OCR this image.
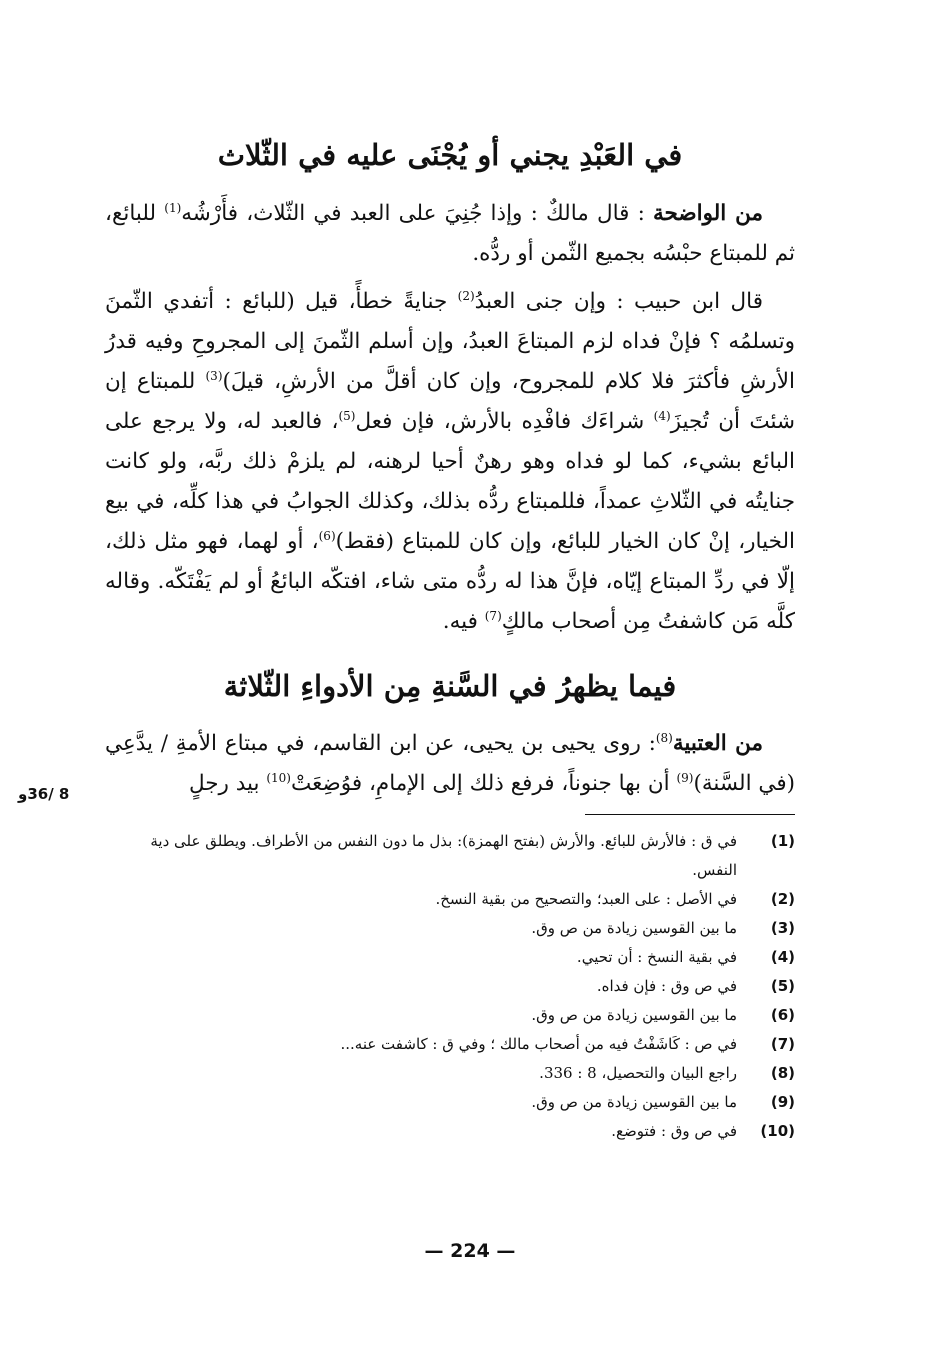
في العَبْدِ يجني أو يُجْنَى عليه في الثّلاث

من الواضحة : قال مالكٌ : وإذا جُنِيَ على العبد في الثّلاث، فأَرْشُه$^{(1)}$ للبائع، ثم للمبتاع حبْسُه بجميع الثّمن أو ردُّه.

قال ابن حبيب : وإن جنى العبدُ$^{(2)}$ جنايةً خطأً، قيل (للبائع : أتفدي الثّمنَ وتسلمُه ؟ فإنْ فداه لزم المبتاعَ العبدُ، وإن أسلم الثّمنَ إلى المجروحِ وفيه قدرُ الأرشِ فأكثرَ فلا كلام للمجروح، وإن كان أقلَّ من الأرشِ، قيلَ)$^{(3)}$ للمبتاع إن شئتَ أن تُجيزَ$^{(4)}$ شراءَك فافْدِه بالأرش، فإن فعل$^{(5)}$، فالعبد له، ولا يرجع على البائع بشيء، كما لو فداه وهو رهنٌ أحيا لرهنه، لم يلزمْ ذلك ربَّه، ولو كانت جنايتُه في الثّلاثِ عمداً، فللمبتاع ردُّه بذلك، وكذلك الجوابُ في هذا كلِّه، في بيع الخيار، إنْ كان الخيار للبائع، وإن كان للمبتاع (فقط)$^{(6)}$، أو لهما، فهو مثل ذلك، إلّا في ردِّ المبتاع إيّاه، فإنَّ هذا له ردُّه متى شاء، افتكّه البائعُ أو لم يَفْتَكّه. وقاله كلَّه مَن كاشفتُ مِن أصحاب مالكٍ$^{(7)}$ فيه.

فيما يظهرُ في السَّنةِ مِن الأدواءِ الثّلاثة

من العتبية$^{(8)}$: روى يحيى بن يحيى، عن ابن القاسم، في مبتاع الأمةِ / يدَّعِي (في السَّنة)$^{(9)}$ أن بها جنوناً، فرفع ذلك إلى الإمامِ، فوُضِعَتْ$^{(10)}$ بيد رجلٍ

(1)
في ق : فالأرش للبائع. والأرش (بفتح الهمزة): بذل ما دون النفس من الأطراف. ويطلق على دية النفس.
(2)
في الأصل : على العبد؛ والتصحيح من بقية النسخ.
(3)
ما بين القوسين زيادة من ص وق.
(4)
في بقية النسخ : أن تحيي.
(5)
في ص وق : فإن فداه.
(6)
ما بين القوسين زيادة من ص وق.
(7)
في ص : كَاشَفْتُ فيه من أصحاب مالك ؛ وفي ق : كاشفت عنه...
(8)
راجع البيان والتحصيل، 8 : 336.
(9)
ما بين القوسين زيادة من ص وق.
(10)
في ص وق : فتوضع.
8 /36و
— 224 —
